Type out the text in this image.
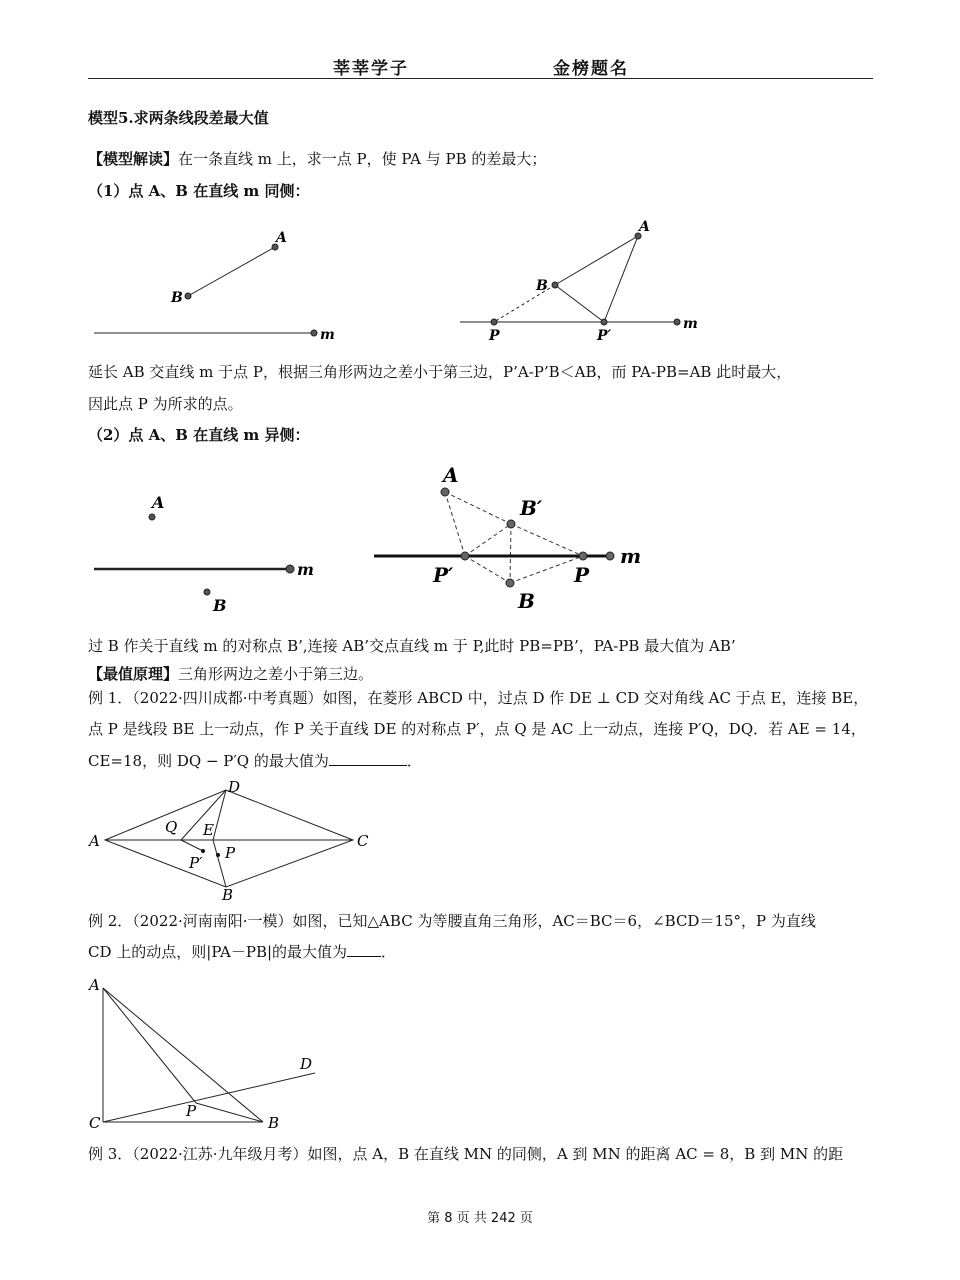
莘莘学子	金榜题名
模型5.求两条线段差最大值
【模型解读】在一条直线 m 上，求一点 P，使 PA 与 PB 的差最大；
（1）点 A、B 在直线 m 同侧：
A
B
m
A
B
P	P′
m
延长 AB 交直线 m 于点 P，根据三角形两边之差小于第三边，P’A-P’B＜AB，而 PA-PB=AB 此时最大，
因此点 P 为所求的点。
（2）点 A、B 在直线 m 异侧：
A
m
B
A
B′
P′	P
B
m
过 B 作关于直线 m 的对称点 B’,连接 AB’交点直线 m 于 P,此时 PB=PB’，PA-PB 最大值为 AB’
【最值原理】三角形两边之差小于第三边。
例 1．（2022·四川成都·中考真题）如图，在菱形 ABCD 中，过点 D 作 DE ⊥ CD 交对角线 AC 于点 E，连接 BE，
点 P 是线段 BE 上一动点，作 P 关于直线 DE 的对称点 P′，点 Q 是 AC 上一动点，连接 P′Q，DQ．若 AE = 14，
CE=18，则 DQ − P′Q 的最大值为	．
A
D
C
B
Q E
P
P′
例 2．（2022·河南南阳·一模）如图，已知△ABC 为等腰直角三角形，AC＝BC＝6，∠BCD＝15°，P 为直线
CD 上的动点，则|PA－PB|的最大值为 ．
A
C	B
D
P
例 3．（2022·江苏·九年级月考）如图，点 A，B 在直线 MN 的同侧，A 到 MN 的距离 AC = 8，B 到 MN 的距
第 8 页 共 242 页
